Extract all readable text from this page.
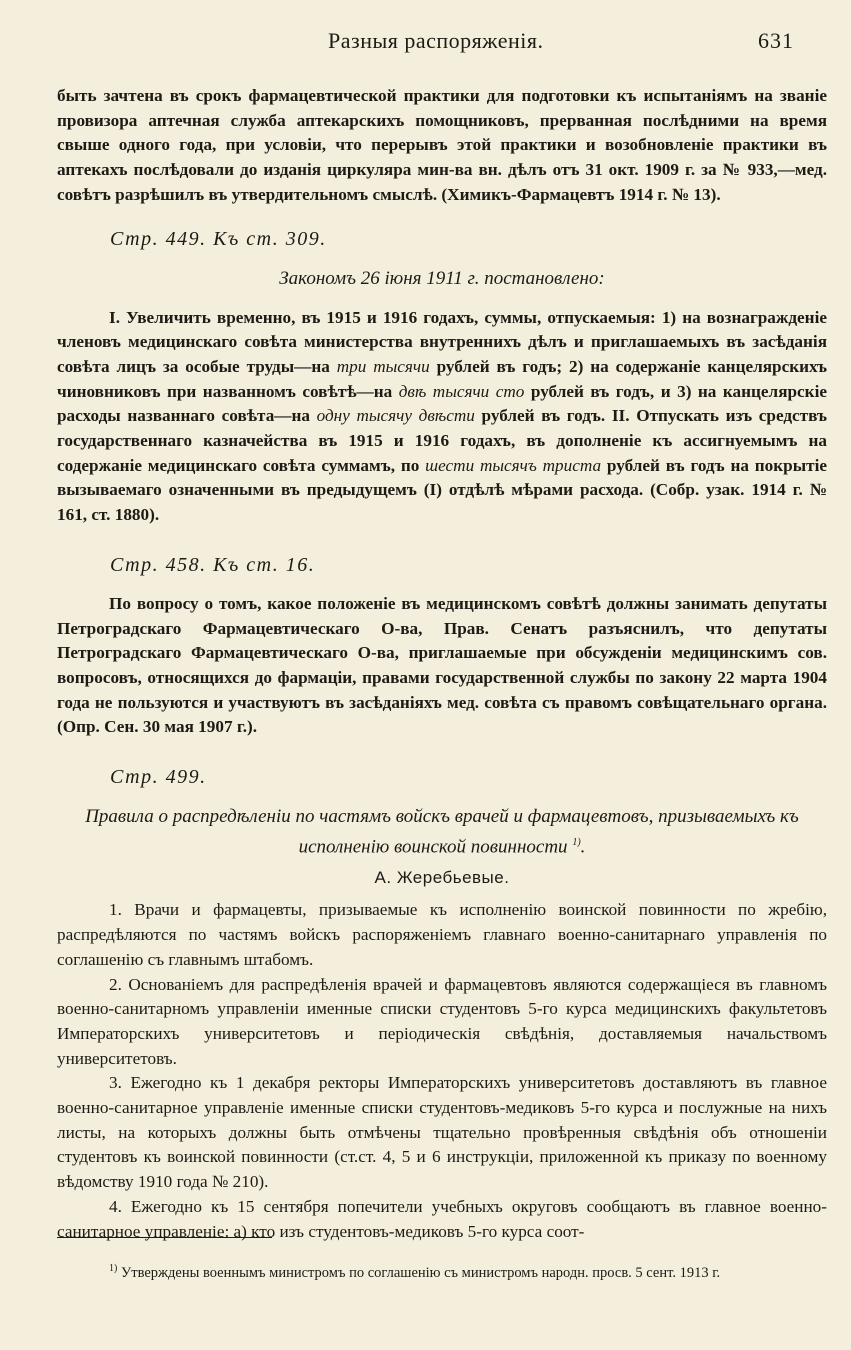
Разныя распоряженія.	631

быть зачтена въ срокъ фармацевтической практики для подготовки къ испытаніямъ на званіе провизора аптечная служба аптекарскихъ помощниковъ, прерванная послѣдними на время свыше одного года, при условіи, что перерывъ этой практики и возобновленіе практики въ аптекахъ послѣдовали до изданія циркуляра мин-ва вн. дѣлъ отъ 31 окт. 1909 г. за № 933,—мед. совѣтъ разрѣшилъ въ утвердительномъ смыслѣ. (Химикъ-Фармацевтъ 1914 г. № 13).

Стр. 449. Къ ст. 309.

Закономъ 26 іюня 1911 г. постановлено:

I. Увеличить временно, въ 1915 и 1916 годахъ, суммы, отпускаемыя: 1) на вознагражденіе членовъ медицинскаго совѣта министерства внутреннихъ дѣлъ и приглашаемыхъ въ засѣданія совѣта лицъ за особые труды—на три тысячи рублей въ годъ; 2) на содержаніе канцелярскихъ чиновниковъ при названномъ совѣтѣ—на двѣ тысячи сто рублей въ годъ, и 3) на канцелярскіе расходы названнаго совѣта—на одну тысячу двѣсти рублей въ годъ. II. Отпускать изъ средствъ государственнаго казначейства въ 1915 и 1916 годахъ, въ дополненіе къ ассигнуемымъ на содержаніе медицинскаго совѣта суммамъ, по шести тысячъ триста рублей въ годъ на покрытіе вызываемаго означенными въ предыдущемъ (I) отдѣлѣ мѣрами расхода. (Собр. узак. 1914 г. № 161, ст. 1880).

Стр. 458. Къ ст. 16.

По вопросу о томъ, какое положеніе въ медицинскомъ совѣтѣ должны занимать депутаты Петроградскаго Фармацевтическаго О-ва, Прав. Сенатъ разъяснилъ, что депутаты Петроградскаго Фармацевтическаго О-ва, приглашаемые при обсужденіи медицинскимъ сов. вопросовъ, относящихся до фармаціи, правами государственной службы по закону 22 марта 1904 года не пользуются и участвуютъ въ засѣданіяхъ мед. совѣта съ правомъ совѣщательнаго органа. (Опр. Сен. 30 мая 1907 г.).

Стр. 499.

Правила о распредѣленіи по частямъ войскъ врачей и фармацевтовъ, призываемыхъ къ исполненію воинской повинности $^{1)}$.

А. Жеребьевые.

1. Врачи и фармацевты, призываемые къ исполненію воинской повинности по жребію, распредѣляются по частямъ войскъ распоряженіемъ главнаго военно-санитарнаго управленія по соглашенію съ главнымъ штабомъ.

2. Основаніемъ для распредѣленія врачей и фармацевтовъ являются содержащіеся въ главномъ военно-санитарномъ управленіи именные списки студентовъ 5-го курса медицинскихъ факультетовъ Императорскихъ университетовъ и періодическія свѣдѣнія, доставляемыя начальствомъ университетовъ.

3. Ежегодно къ 1 декабря ректоры Императорскихъ университетовъ доставляютъ въ главное военно-санитарное управленіе именные списки студентовъ-медиковъ 5-го курса и послужные на нихъ листы, на которыхъ должны быть отмѣчены тщательно провѣренныя свѣдѣнія объ отношеніи студентовъ къ воинской повинности (ст.ст. 4, 5 и 6 инструкціи, приложенной къ приказу по военному вѣдомству 1910 года № 210).

4. Ежегодно къ 15 сентября попечители учебныхъ округовъ сообщаютъ въ главное военно-санитарное управленіе: а) кто изъ студентовъ-медиковъ 5-го курса соот-

$^{1)}$ Утверждены военнымъ министромъ по соглашенію съ министромъ народн. просв. 5 сент. 1913 г.
